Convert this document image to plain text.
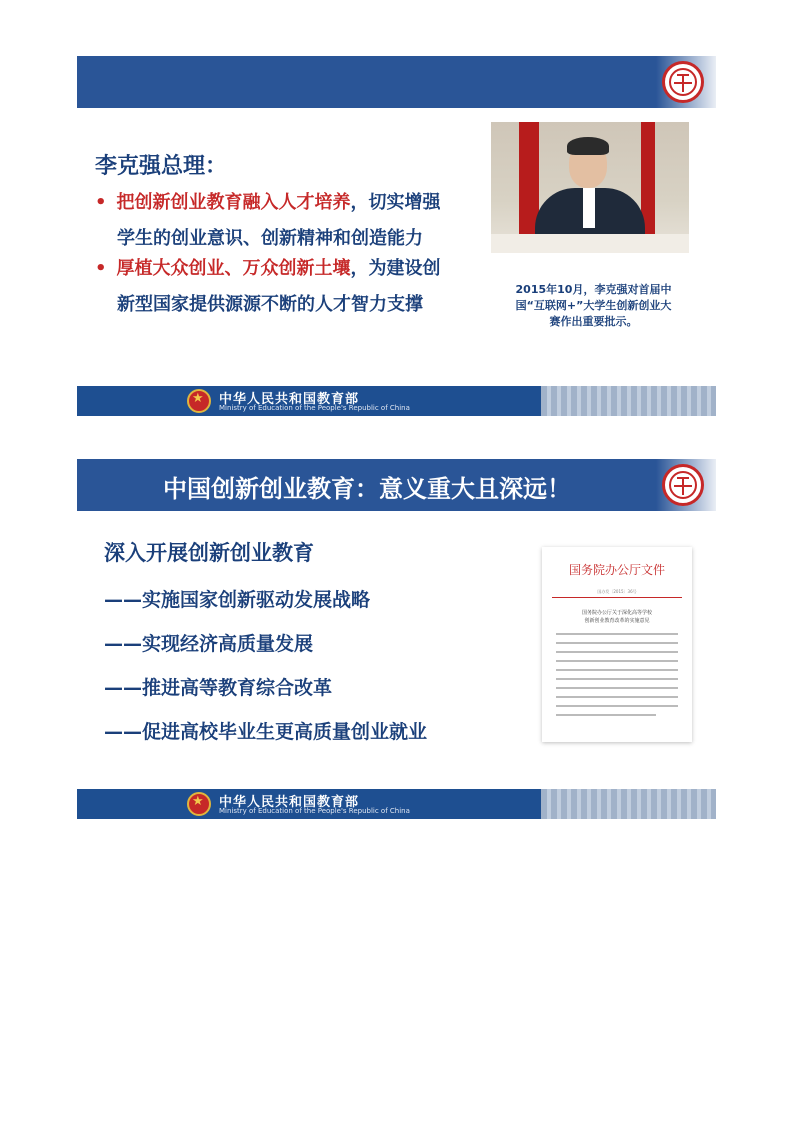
李克强总理：
• 把创新创业教育融入人才培养，切实增强
学生的创业意识、创新精神和创造能力
• 厚植大众创业、万众创新土壤，为建设创
新型国家提供源源不断的人才智力支撑
2015年10月，李克强对首届中
国“互联网+”大学生创新创业大
赛作出重要批示。
★
中华人民共和国教育部
Ministry of Education of the People's Republic of China
中国创新创业教育：意义重大且深远！
深入开展创新创业教育
——实施国家创新驱动发展战略
——实现经济高质量发展
——推进高等教育综合改革
——促进高校毕业生更高质量创业就业
国务院办公厅文件
国办发〔2015〕36号
国务院办公厅关于深化高等学校
创新创业教育改革的实施意见
★
中华人民共和国教育部
Ministry of Education of the People's Republic of China
